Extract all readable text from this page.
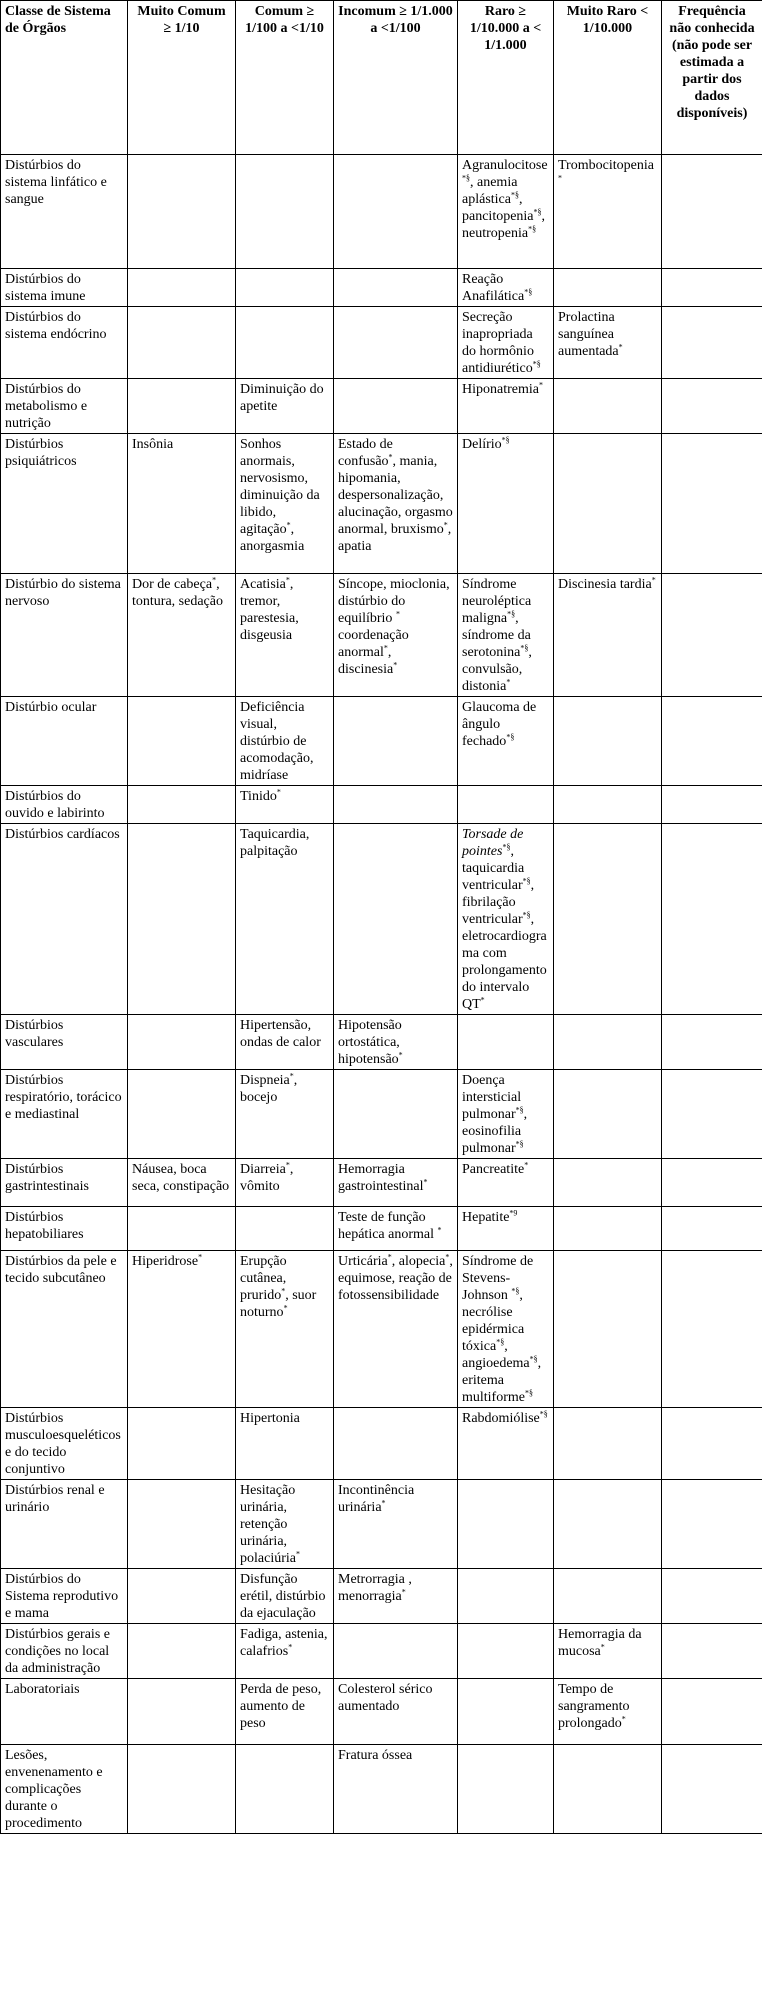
Classe de Sistema de Órgãos	Muito Comum ≥ 1/10	Comum ≥ 1/100 a <1/10	Incomum ≥ 1/1.000 a <1/100	Raro ≥ 1/10.000 a < 1/1.000	Muito Raro < 1/10.000	Frequência não conhecida (não pode ser estimada a partir dos dados disponíveis)
Distúrbios do sistema linfático e sangue				Agranulocitose*§, anemia aplástica*§, pancitopenia*§, neutropenia*§	Trombocitopenia*	
Distúrbios do sistema imune				Reação Anafilática*§		
Distúrbios do sistema endócrino				Secreção inapropriada do hormônio antidiurético*§	Prolactina sanguínea aumentada*	
Distúrbios do metabolismo e nutrição		Diminuição do apetite		Hiponatremia*		
Distúrbios psiquiátricos	Insônia	Sonhos anormais, nervosismo, diminuição da libido, agitação*, anorgasmia	Estado de confusão*, mania, hipomania, despersonalização, alucinação, orgasmo anormal, bruxismo*, apatia	Delírio*§		
Distúrbio do sistema nervoso	Dor de cabeça*, tontura, sedação	Acatisia*, tremor, parestesia, disgeusia	Síncope, mioclonia, distúrbio do equilíbrio * coordenação anormal*, discinesia*	Síndrome neuroléptica maligna*§, síndrome da serotonina*§, convulsão, distonia*	Discinesia tardia*	
Distúrbio ocular		Deficiência visual, distúrbio de acomodação, midríase		Glaucoma de ângulo fechado*§		
Distúrbios do ouvido e labirinto		Tinido*				
Distúrbios cardíacos		Taquicardia, palpitação		Torsade de pointes*§, taquicardia ventricular*§, fibrilação ventricular*§, eletrocardiograma com prolongamento do intervalo QT*		
Distúrbios vasculares		Hipertensão, ondas de calor	Hipotensão ortostática, hipotensão*			
Distúrbios respiratório, torácico e mediastinal		Dispneia*, bocejo		Doença intersticial pulmonar*§, eosinofilia pulmonar*§		
Distúrbios gastrintestinais	Náusea, boca seca, constipação	Diarreia*, vômito	Hemorragia gastrointestinal*	Pancreatite*		
Distúrbios hepatobiliares			Teste de função hepática anormal *	Hepatite$^{*9}$		
Distúrbios da pele e tecido subcutâneo	Hiperidrose*	Erupção cutânea, prurido*, suor noturno*	Urticária*, alopecia*, equimose, reação de fotossensibilidade	Síndrome de Stevens-Johnson *§, necrólise epidérmica tóxica*§, angioedema*§, eritema multiforme*§		
Distúrbios musculoesqueléticos e do tecido conjuntivo		Hipertonia		Rabdomiólise*§		
Distúrbios renal e urinário		Hesitação urinária, retenção urinária, polaciúria*	Incontinência urinária*			
Distúrbios do Sistema reprodutivo e mama		Disfunção erétil, distúrbio da ejaculação	Metrorragia , menorragia*			
Distúrbios gerais e condições no local da administração		Fadiga, astenia, calafrios*			Hemorragia da mucosa*	
Laboratoriais		Perda de peso, aumento de peso	Colesterol sérico aumentado		Tempo de sangramento prolongado*	
Lesões, envenenamento e complicações durante o procedimento			Fratura óssea			
